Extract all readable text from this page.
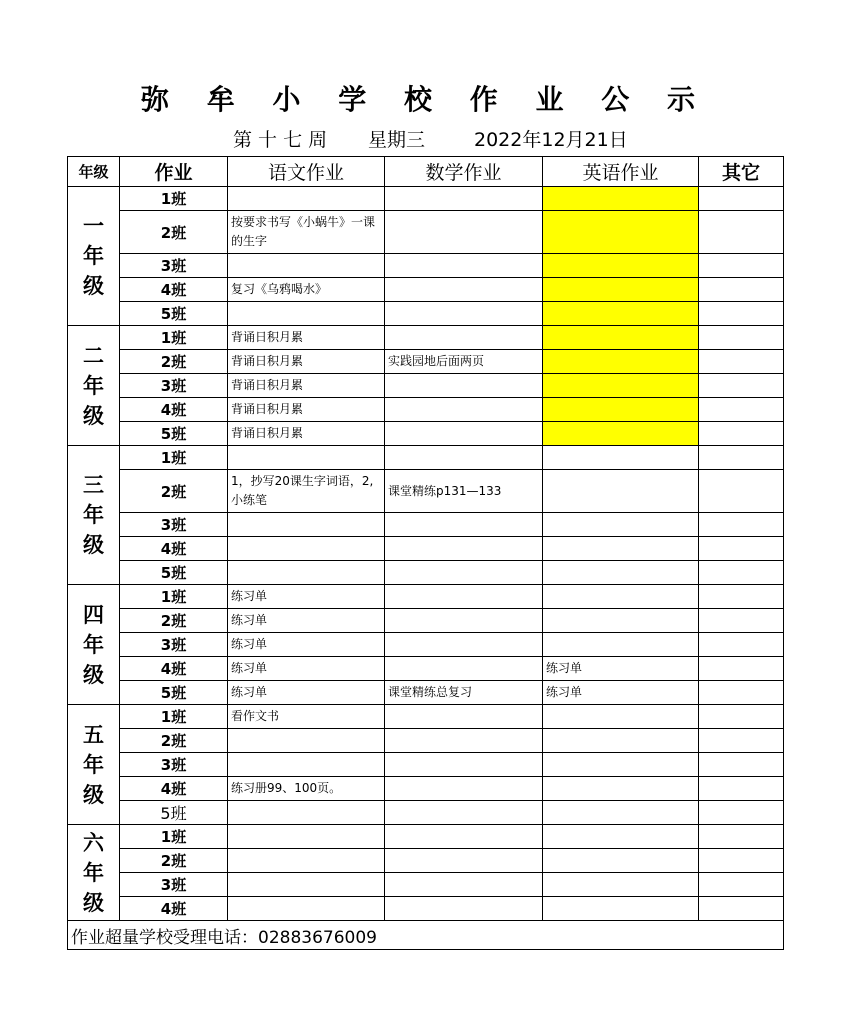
弥 牟 小 学 校 作 业 公 示
第 十 七 周 星期三	2022年12月21日
年级	作业	语文作业	数学作业	英语作业	其它
一
年
级	1班				
	2班	按要求书写《小蜗牛》一课的生字			
	3班				
	4班	复习《乌鸦喝水》			
	5班				
二
年
级	1班	背诵日积月累			
	2班	背诵日积月累	实践园地后面两页		
	3班	背诵日积月累			
	4班	背诵日积月累			
	5班	背诵日积月累			
三
年
级	1班				
	2班	1，抄写20课生字词语，2,小练笔	课堂精练p131—133		
	3班				
	4班				
	5班				
四
年
级	1班	练习单			
	2班	练习单			
	3班	练习单			
	4班	练习单		练习单	
	5班	练习单	课堂精练总复习	练习单	
五
年
级	1班	看作文书			
	2班				
	3班				
	4班	练习册99、100页。			
	5班				
六
年
级	1班				
	2班				
	3班				
	4班				
作业超量学校受理电话：02883676009					
